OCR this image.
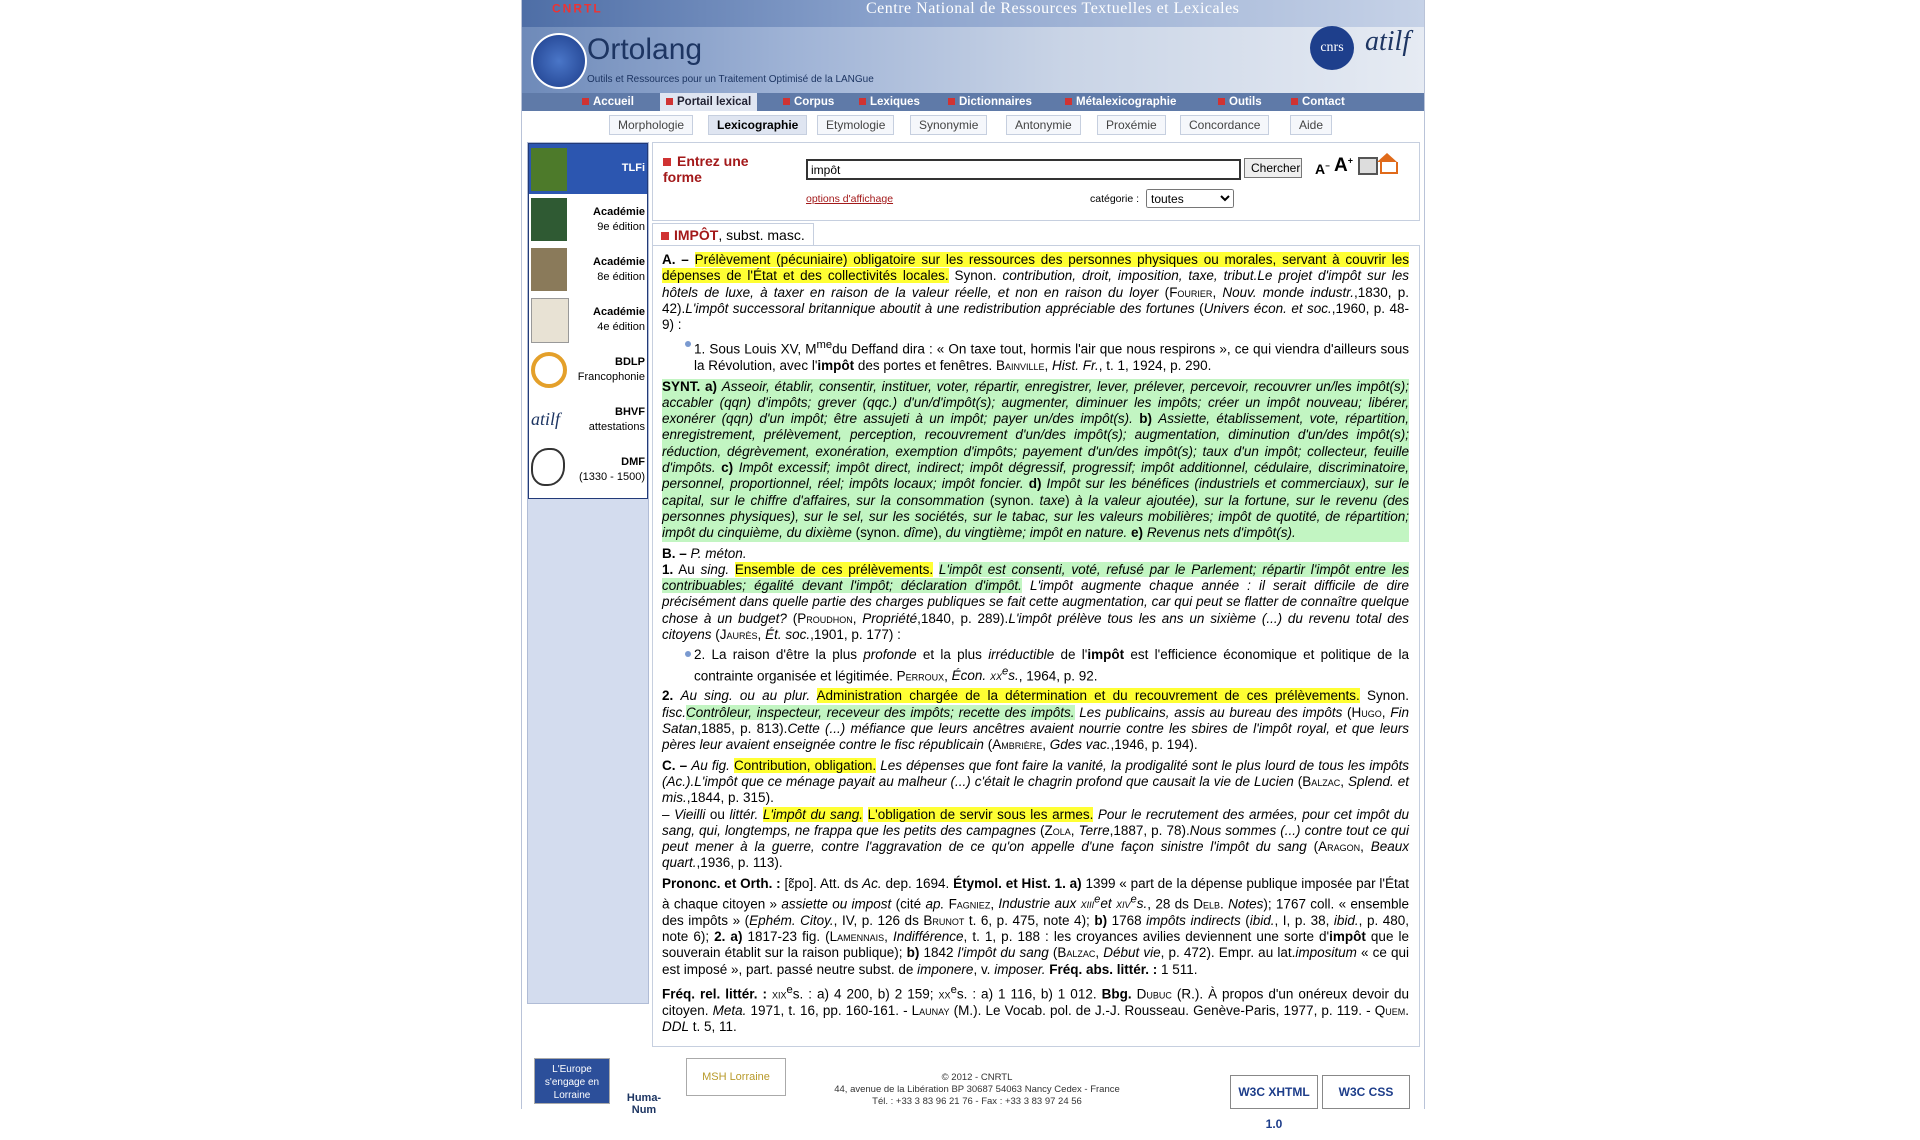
$^{CNRTL}$	Centre National de Ressources Textuelles et Lexicales
Ortolang
Outils et Ressources pour un Traitement Optimisé de la LANGue
cnrs atilf
Accueil	Portail lexical	Corpus	Lexiques	Dictionnaires	Métalexicographie	Outils	Contact
Morphologie	Lexicographie	Etymologie	Synonymie	Antonymie	Proxémie	Concordance	Aide
TLFi
Académie
9e édition
Académie
8e édition
Académie
4e édition
BDLP
Francophonie
atilf	BHVF
attestations
DMF
(1330 - 1500)
Entrez une forme
impôt
Chercher A− A+
options d'affichage	catégorie :
toutes
IMPÔT, subst. masc.

A. – Prélèvement (pécuniaire) obligatoire sur les ressources des personnes physiques ou morales, servant à couvrir les dépenses de l'État et des collectivités locales. Synon. contribution, droit, imposition, taxe, tribut.Le projet d'impôt sur les hôtels de luxe, à taxer en raison de la valeur réelle, et non en raison du loyer (Fourier, Nouv. monde industr.,1830, p. 42).L'impôt successoral britannique aboutit à une redistribution appréciable des fortunes (Univers écon. et soc.,1960, p. 48-9) :

1. Sous Louis XV, $M^{me}du$ Deffand dira : « On taxe tout, hormis l'air que nous respirons », ce qui viendra d'ailleurs sous la Révolution, avec l'impôt des portes et fenêtres. Bainville, Hist. Fr., t. 1, 1924, p. 290.

SYNT. a) Asseoir, établir, consentir, instituer, voter, répartir, enregistrer, lever, prélever, percevoir, recouvrer un/les impôt(s); accabler (qqn) d'impôts; grever (qqc.) d'un/d'impôt(s); augmenter, diminuer les impôts; créer un impôt nouveau; libérer, exonérer (qqn) d'un impôt; être assujeti à un impôt; payer un/des impôt(s). b) Assiette, établissement, vote, répartition, enregistrement, prélèvement, perception, recouvrement d'un/des impôt(s); augmentation, diminution d'un/des impôt(s); réduction, dégrèvement, exonération, exemption d'impôts; payement d'un/des impôt(s); taux d'un impôt; collecteur, feuille d'impôts. c) Impôt excessif; impôt direct, indirect; impôt dégressif, progressif; impôt additionnel, cédulaire, discriminatoire, personnel, proportionnel, réel; impôts locaux; impôt foncier. d) Impôt sur les bénéfices (industriels et commerciaux), sur le capital, sur le chiffre d'affaires, sur la consommation (synon. taxe) à la valeur ajoutée), sur la fortune, sur le revenu (des personnes physiques), sur le sel, sur les sociétés, sur le tabac, sur les valeurs mobilières; impôt de quotité, de répartition; impôt du cinquième, du dixième (synon. dîme), du vingtième; impôt en nature. e) Revenus nets d'impôt(s).

B. – P. méton.
1. Au sing. Ensemble de ces prélèvements. L'impôt est consenti, voté, refusé par le Parlement; répartir l'impôt entre les contribuables; égalité devant l'impôt; déclaration d'impôt. L'impôt augmente chaque année : il serait difficile de dire précisément dans quelle partie des charges publiques se fait cette augmentation, car qui peut se flatter de connaître quelque chose à un budget? (Proudhon, Propriété,1840, p. 289).L'impôt prélève tous les ans un sixième (...) du revenu total des citoyens (Jaurès, Ét. soc.,1901, p. 177) :

2. La raison d'être la plus profonde et la plus irréductible de l'impôt est l'efficience économique et politique de la contrainte organisée et légitimée. Perroux, Écon. $xx^es$., 1964, p. 92.

2. Au sing. ou au plur. Administration chargée de la détermination et du recouvrement de ces prélèvements. Synon. fisc.Contrôleur, inspecteur, receveur des impôts; recette des impôts. Les publicains, assis au bureau des impôts (Hugo, Fin Satan,1885, p. 813).Cette (...) méfiance que leurs ancêtres avaient nourrie contre les sbires de l'impôt royal, et que leurs pères leur avaient enseignée contre le fisc républicain (Ambrière, Gdes vac.,1946, p. 194).

C. – Au fig. Contribution, obligation. Les dépenses que font faire la vanité, la prodigalité sont le plus lourd de tous les impôts (Ac.).L'impôt que ce ménage payait au malheur (...) c'était le chagrin profond que causait la vie de Lucien (Balzac, Splend. et mis.,1844, p. 315).
– Vieilli ou littér. L'impôt du sang. L'obligation de servir sous les armes. Pour le recrutement des armées, pour cet impôt du sang, qui, longtemps, ne frappa que les petits des campagnes (Zola, Terre,1887, p. 78).Nous sommes (...) contre tout ce qui peut mener à la guerre, contre l'aggravation de ce qu'on appelle d'une façon sinistre l'impôt du sang (Aragon, Beaux quart.,1936, p. 113).

Prononc. et Orth. : [ɛ̃po]. Att. ds Ac. dep. 1694. Étymol. et Hist. 1. a) 1399 « part de la dépense publique imposée par l'État à chaque citoyen » assiette ou impost (cité ap. Fagniez, Industrie aux xiii$^e$et xiv$^e$s., 28 ds Delb. Notes); 1767 coll. « ensemble des impôts » (Ephém. Citoy., IV, p. 126 ds Brunot t. 6, p. 475, note 4); b) 1768 impôts indirects (ibid., I, p. 38, ibid., p. 480, note 6); 2. a) 1817-23 fig. (Lamennais, Indifférence, t. 1, p. 188 : les croyances avilies deviennent une sorte d'impôt que le souverain établit sur la raison publique); b) 1842 l'impôt du sang (Balzac, Début vie, p. 472). Empr. au lat.impositum « ce qui est imposé », part. passé neutre subst. de imponere, v. imposer. Fréq. abs. littér. : 1 511.

Fréq. rel. littér. : xix$^e$s. : a) 4 200, b) 2 159; $xx^es$. : a) 1 116, b) 1 012. Bbg. Dubuc (R.). À propos d'un onéreux devoir du citoyen. Meta. 1971, t. 16, pp. 160-161. - Launay (M.). Le Vocab. pol. de J.-J. Rousseau. Genève-Paris, 1977, p. 119. - Quem. DDL t. 5, 11.

L'Europe s'engage en Lorraine	Huma-Num
MSH Lorraine	© 2012 - CNRTL
44, avenue de la Libération BP 30687 54063 Nancy Cedex - France
Tél. : +33 3 83 96 21 76 - Fax : +33 3 83 97 24 56
W3C XHTML 1.0
W3C CSS
